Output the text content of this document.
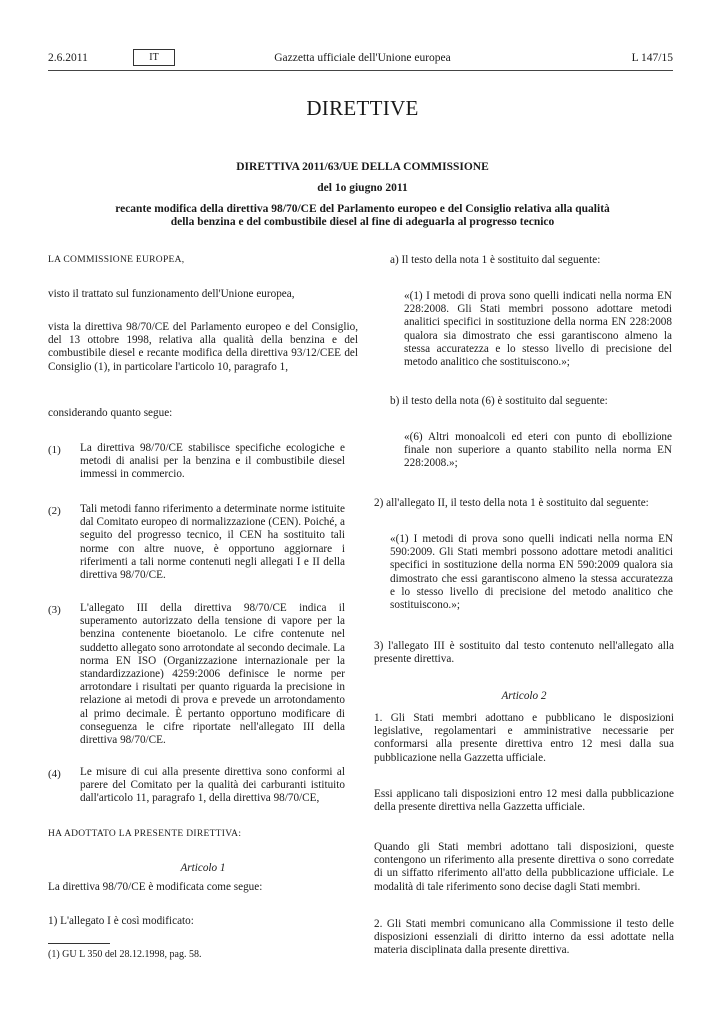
2.6.2011	IT	Gazzetta ufficiale dell'Unione europea	L 147/15
DIRETTIVE
DIRETTIVA 2011/63/UE DELLA COMMISSIONE
del 1o giugno 2011
recante modifica della direttiva 98/70/CE del Parlamento europeo e del Consiglio relativa alla qualità
della benzina e del combustibile diesel al fine di adeguarla al progresso tecnico
LA COMMISSIONE EUROPEA,
visto il trattato sul funzionamento dell'Unione europea,
vista la direttiva 98/70/CE del Parlamento europeo e del Consiglio, del 13 ottobre 1998, relativa alla qualità della benzina e del combustibile diesel e recante modifica della direttiva 93/12/CEE del Consiglio (1), in particolare l'articolo 10, paragrafo 1,
considerando quanto segue:
(1) La direttiva 98/70/CE stabilisce specifiche ecologiche e metodi di analisi per la benzina e il combustibile diesel immessi in commercio.
(2) Tali metodi fanno riferimento a determinate norme istituite dal Comitato europeo di normalizzazione (CEN). Poiché, a seguito del progresso tecnico, il CEN ha sostituito tali norme con altre nuove, è opportuno aggiornare i riferimenti a tali norme contenuti negli allegati I e II della direttiva 98/70/CE.
(3) L'allegato III della direttiva 98/70/CE indica il superamento autorizzato della tensione di vapore per la benzina contenente bioetanolo. Le cifre contenute nel suddetto allegato sono arrotondate al secondo decimale. La norma EN ISO (Organizzazione internazionale per la standardizzazione) 4259:2006 definisce le norme per arrotondare i risultati per quanto riguarda la precisione in relazione ai metodi di prova e prevede un arrotondamento al primo decimale. È pertanto opportuno modificare di conseguenza le cifre riportate nell'allegato III della direttiva 98/70/CE.
(4) Le misure di cui alla presente direttiva sono conformi al parere del Comitato per la qualità dei carburanti istituito dall'articolo 11, paragrafo 1, della direttiva 98/70/CE,
HA ADOTTATO LA PRESENTE DIRETTIVA:
Articolo 1
La direttiva 98/70/CE è modificata come segue:
1) L'allegato I è così modificato:
(1) GU L 350 del 28.12.1998, pag. 58.
a) Il testo della nota 1 è sostituito dal seguente:
«(1) I metodi di prova sono quelli indicati nella norma EN 228:2008. Gli Stati membri possono adottare metodi analitici specifici in sostituzione della norma EN 228:2008 qualora sia dimostrato che essi garantiscono almeno la stessa accuratezza e lo stesso livello di precisione del metodo analitico che sostituiscono.»;
b) il testo della nota (6) è sostituito dal seguente:
«(6) Altri monoalcoli ed eteri con punto di ebollizione finale non superiore a quanto stabilito nella norma EN 228:2008.»;
2) all'allegato II, il testo della nota 1 è sostituito dal seguente:
«(1) I metodi di prova sono quelli indicati nella norma EN 590:2009. Gli Stati membri possono adottare metodi analitici specifici in sostituzione della norma EN 590:2009 qualora sia dimostrato che essi garantiscono almeno la stessa accuratezza e lo stesso livello di precisione del metodo analitico che sostituiscono.»;
3) l'allegato III è sostituito dal testo contenuto nell'allegato alla presente direttiva.
Articolo 2
1. Gli Stati membri adottano e pubblicano le disposizioni legislative, regolamentari e amministrative necessarie per conformarsi alla presente direttiva entro 12 mesi dalla sua pubblicazione nella Gazzetta ufficiale.
Essi applicano tali disposizioni entro 12 mesi dalla pubblicazione della presente direttiva nella Gazzetta ufficiale.
Quando gli Stati membri adottano tali disposizioni, queste contengono un riferimento alla presente direttiva o sono corredate di un siffatto riferimento all'atto della pubblicazione ufficiale. Le modalità di tale riferimento sono decise dagli Stati membri.
2. Gli Stati membri comunicano alla Commissione il testo delle disposizioni essenziali di diritto interno da essi adottate nella materia disciplinata dalla presente direttiva.
